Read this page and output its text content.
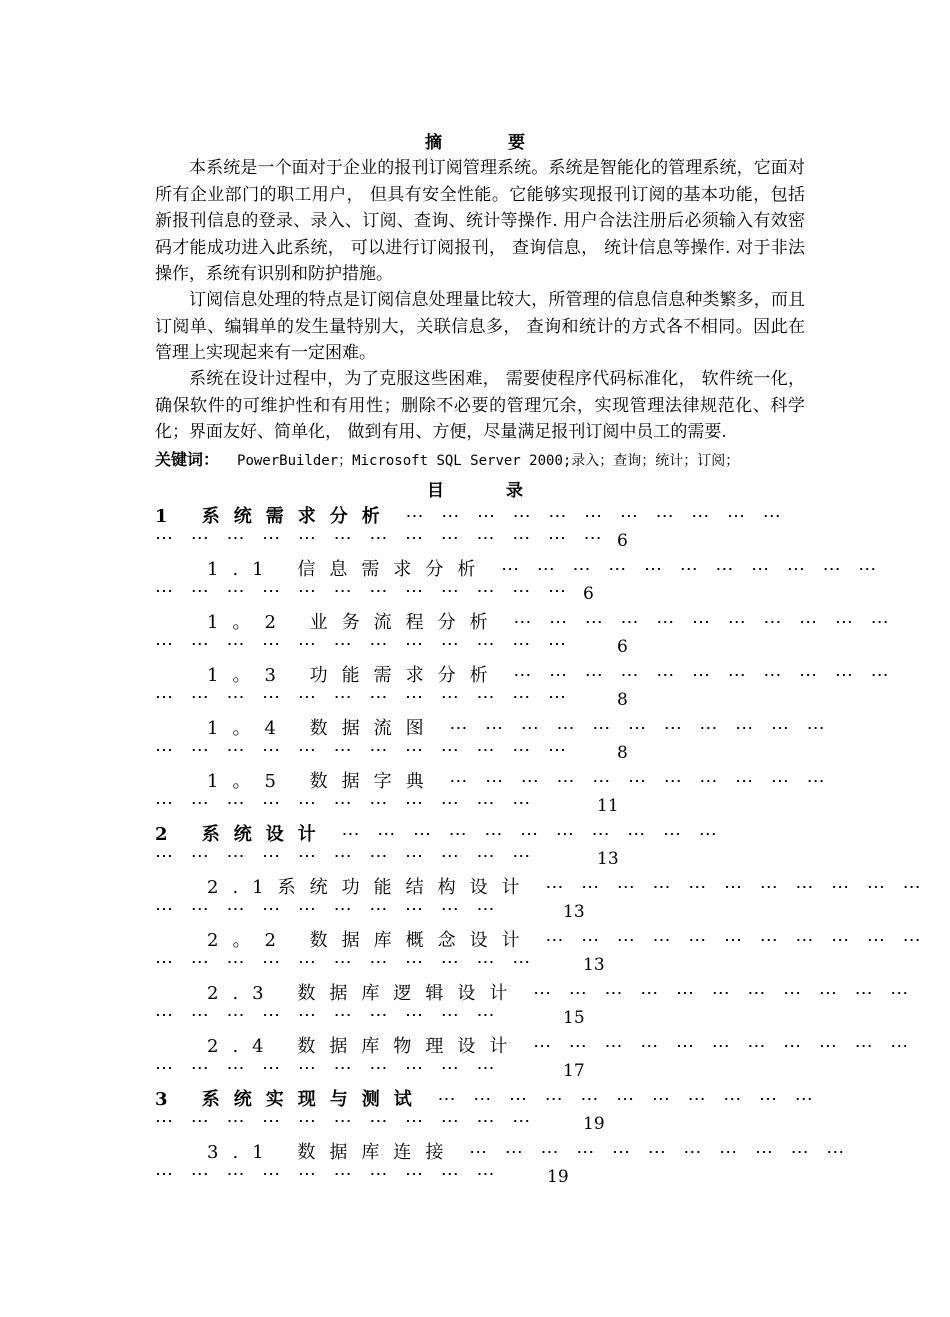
摘 要
本系统是一个面对于企业的报刊订阅管理系统。系统是智能化的管理系统，它面对所有企业部门的职工用户， 但具有安全性能。它能够实现报刊订阅的基本功能，包括新报刊信息的登录、录入、订阅、查询、统计等操作. 用户合法注册后必须输入有效密码才能成功进入此系统， 可以进行订阅报刊， 查询信息， 统计信息等操作. 对于非法操作，系统有识别和防护措施。
订阅信息处理的特点是订阅信息处理量比较大，所管理的信息信息种类繁多，而且订阅单、编辑单的发生量特别大，关联信息多， 查询和统计的方式各不相同。因此在管理上实现起来有一定困难。
系统在设计过程中，为了克服这些困难， 需要使程序代码标准化， 软件统一化，确保软件的可维护性和有用性；删除不必要的管理冗余，实现管理法律规范化、科学化；界面友好、简单化， 做到有用、方便，尽量满足报刊订阅中员工的需要.
关键词： PowerBuilder；Microsoft SQL Server 2000;录入；查询；统计；订阅；
目 录
1 系统需求分析 ⋯ ⋯ ⋯ ⋯ ⋯ ⋯ ⋯ ⋯ ⋯ ⋯ ⋯
⋯ ⋯ ⋯ ⋯ ⋯ ⋯ ⋯ ⋯ ⋯ ⋯ ⋯ ⋯ ⋯ 6
1.1 信息需求分析 ⋯ ⋯ ⋯ ⋯ ⋯ ⋯ ⋯ ⋯ ⋯ ⋯ ⋯
⋯ ⋯ ⋯ ⋯ ⋯ ⋯ ⋯ ⋯ ⋯ ⋯ ⋯ ⋯ 6
1。2 业务流程分析 ⋯ ⋯ ⋯ ⋯ ⋯ ⋯ ⋯ ⋯ ⋯ ⋯ ⋯
⋯ ⋯ ⋯ ⋯ ⋯ ⋯ ⋯ ⋯ ⋯ ⋯ ⋯ ⋯	6
1。3 功能需求分析 ⋯ ⋯ ⋯ ⋯ ⋯ ⋯ ⋯ ⋯ ⋯ ⋯ ⋯
⋯ ⋯ ⋯ ⋯ ⋯ ⋯ ⋯ ⋯ ⋯ ⋯ ⋯ ⋯	8
1。4 数据流图 ⋯ ⋯ ⋯ ⋯ ⋯ ⋯ ⋯ ⋯ ⋯ ⋯ ⋯
⋯ ⋯ ⋯ ⋯ ⋯ ⋯ ⋯ ⋯ ⋯ ⋯ ⋯ ⋯	8
1。5 数据字典 ⋯ ⋯ ⋯ ⋯ ⋯ ⋯ ⋯ ⋯ ⋯ ⋯ ⋯
⋯ ⋯ ⋯ ⋯ ⋯ ⋯ ⋯ ⋯ ⋯ ⋯ ⋯	11
2 系统设计 ⋯ ⋯ ⋯ ⋯ ⋯ ⋯ ⋯ ⋯ ⋯ ⋯ ⋯
⋯ ⋯ ⋯ ⋯ ⋯ ⋯ ⋯ ⋯ ⋯ ⋯ ⋯	13
2.1系统功能结构设计 ⋯ ⋯ ⋯ ⋯ ⋯ ⋯ ⋯ ⋯ ⋯ ⋯ ⋯
⋯ ⋯ ⋯ ⋯ ⋯ ⋯ ⋯ ⋯ ⋯ ⋯	13
2。2 数据库概念设计 ⋯ ⋯ ⋯ ⋯ ⋯ ⋯ ⋯ ⋯ ⋯ ⋯ ⋯
⋯ ⋯ ⋯ ⋯ ⋯ ⋯ ⋯ ⋯ ⋯ ⋯ ⋯	13
2.3 数据库逻辑设计 ⋯ ⋯ ⋯ ⋯ ⋯ ⋯ ⋯ ⋯ ⋯ ⋯ ⋯
⋯ ⋯ ⋯ ⋯ ⋯ ⋯ ⋯ ⋯ ⋯ ⋯	15
2.4 数据库物理设计 ⋯ ⋯ ⋯ ⋯ ⋯ ⋯ ⋯ ⋯ ⋯ ⋯ ⋯
⋯ ⋯ ⋯ ⋯ ⋯ ⋯ ⋯ ⋯ ⋯ ⋯	17
3 系统实现与测试 ⋯ ⋯ ⋯ ⋯ ⋯ ⋯ ⋯ ⋯ ⋯ ⋯ ⋯
⋯ ⋯ ⋯ ⋯ ⋯ ⋯ ⋯ ⋯ ⋯ ⋯ ⋯	19
3.1 数据库连接 ⋯ ⋯ ⋯ ⋯ ⋯ ⋯ ⋯ ⋯ ⋯ ⋯ ⋯
⋯ ⋯ ⋯ ⋯ ⋯ ⋯ ⋯ ⋯ ⋯ ⋯	19
